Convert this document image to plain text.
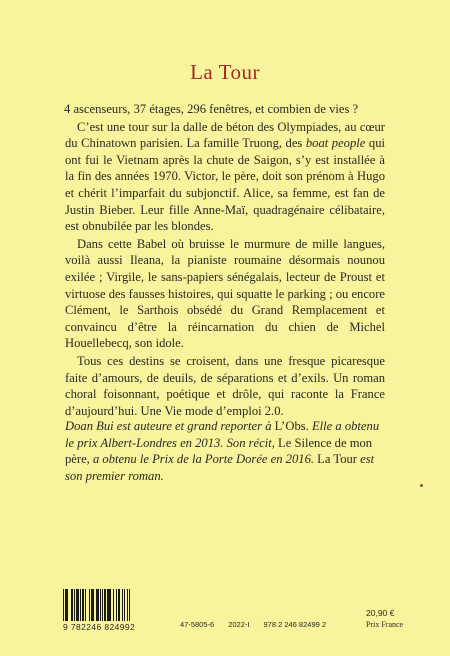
La Tour

4 ascenseurs, 37 étages, 296 fenêtres, et combien de vies ?

C’est une tour sur la dalle de béton des Olympiades, au cœur du Chinatown parisien. La famille Truong, des boat people qui ont fui le Vietnam après la chute de Saigon, s’y est installée à la fin des années 1970. Victor, le père, doit son prénom à Hugo et chérit l’imparfait du subjonctif. Alice, sa femme, est fan de Justin Bieber. Leur fille Anne-Maï, quadragénaire célibataire, est obnubilée par les blondes.

Dans cette Babel où bruisse le murmure de mille langues, voilà aussi Ileana, la pianiste roumaine désormais nounou exilée ; Virgile, le sans-papiers sénégalais, lecteur de Proust et virtuose des fausses histoires, qui squatte le parking ; ou encore Clément, le Sarthois obsédé du Grand Remplacement et convaincu d’être la réincarnation du chien de Michel Houellebecq, son idole.

Tous ces destins se croisent, dans une fresque picaresque faite d’amours, de deuils, de séparations et d’exils. Un roman choral foisonnant, poétique et drôle, qui raconte la France d’aujourd’hui. Une Vie mode d’emploi 2.0.

Doan Bui est auteure et grand reporter à L’Obs. Elle a obtenu le prix Albert-Londres en 2013. Son récit, Le Silence de mon père, a obtenu le Prix de la Porte Dorée en 2016. La Tour est son premier roman.
9 782246 824992	47-5805-6 2022-I 978 2 246 82499 2
20,90 €
Prix France
